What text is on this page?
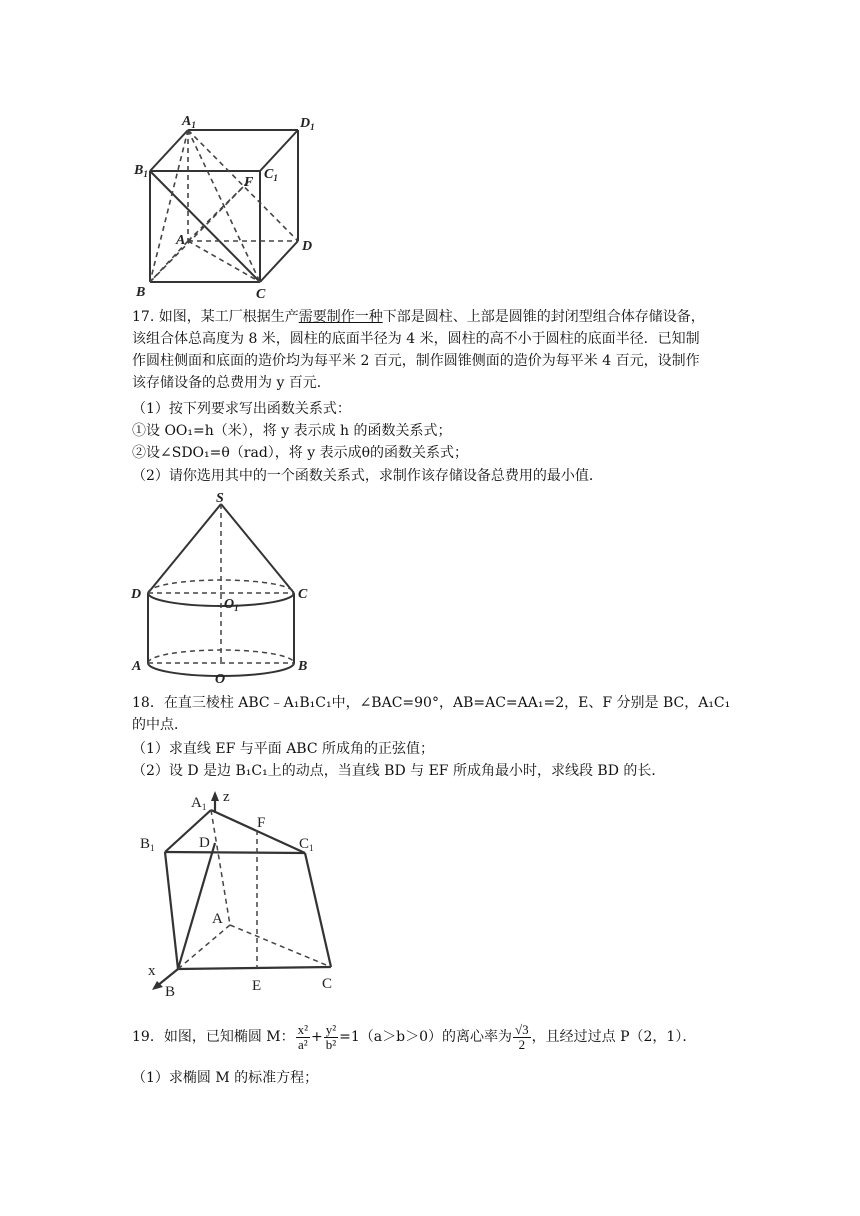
$A_1$	$D_1$
$B_1$	$C_1$
F
A	D
B	C
17. 如图，某工厂根据生产需要制作一种下部是圆柱、上部是圆锥的封闭型组合体存储设备，
该组合体总高度为 8 米，圆柱的底面半径为 4 米，圆柱的高不小于圆柱的底面半径．已知制
作圆柱侧面和底面的造价均为每平米 2 百元，制作圆锥侧面的造价为每平米 4 百元，设制作
该存储设备的总费用为 y 百元．
（1）按下列要求写出函数关系式：
①设 OO₁=h（米），将 y 表示成 h 的函数关系式；
②设∠SDO₁=θ（rad），将 y 表示成θ的函数关系式；
（2）请你选用其中的一个函数关系式，求制作该存储设备总费用的最小值．
S
D	C
$O_1$
A
O
B
18．在直三棱柱 ABC﹣A₁B₁C₁中，∠BAC=90°，AB=AC=AA₁=2，E、F 分别是 BC，A₁C₁
的中点．
（1）求直线 EF 与平面 ABC 所成角的正弦值；
（2）设 D 是边 B₁C₁上的动点，当直线 BD 与 EF 所成角最小时，求线段 BD 的长．
$A_1$
z
F
$B_1$	D	$C_1$
A
x
B	E	C
19．如图，已知椭圆 M： $\frac{\text{x²}}{\text{a²}} + \frac{\text{y²}}{\text{b²}} =1(a>b>0)$的离心率为 $\frac{√3}{2}$ ，且经过过点 P（2，1）．
（1）求椭圆 M 的标准方程；
